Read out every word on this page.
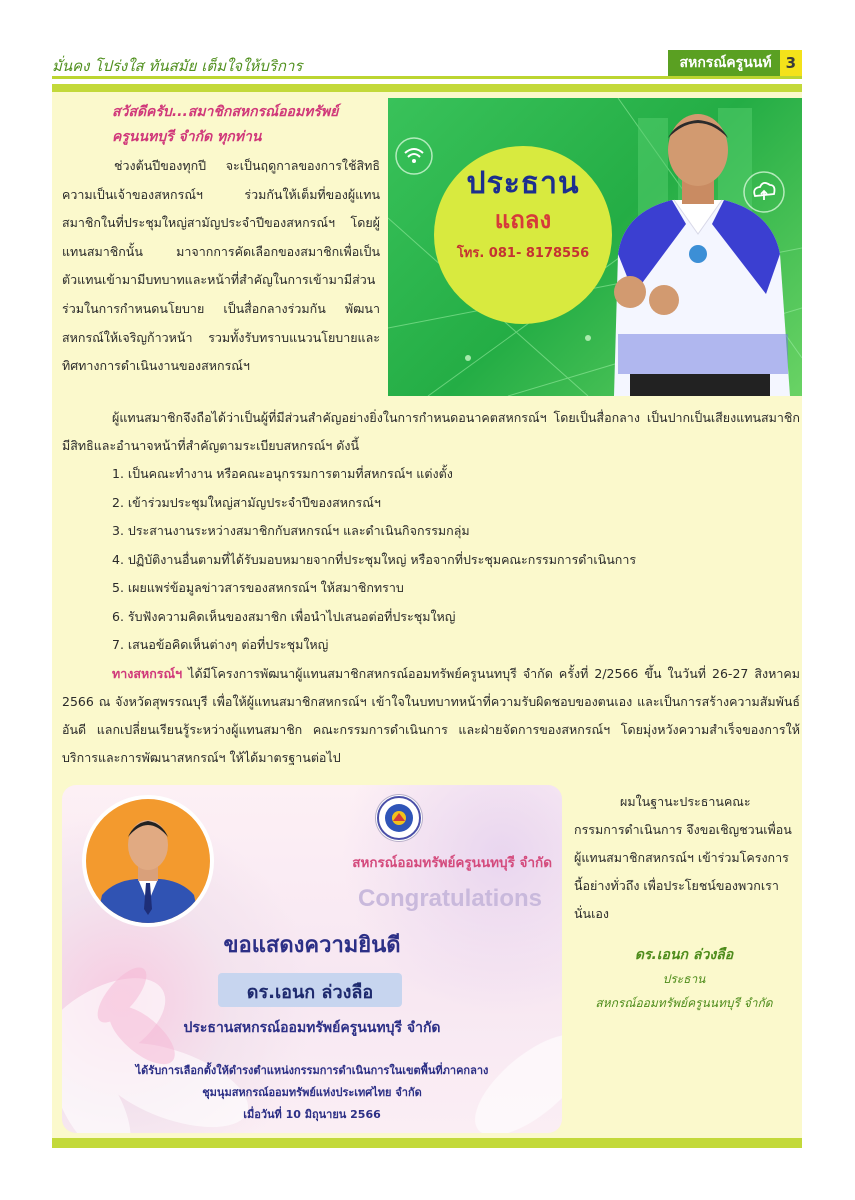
มั่นคง โปร่งใส ทันสมัย เต็มใจให้บริการ	สหกรณ์ครูนนท์ 3
สวัสดีครับ...สมาชิกสหกรณ์ออมทรัพย์
ครูนนทบุรี จำกัด ทุกท่าน
ช่วงต้นปีของทุกปี จะเป็นฤดูกาลของการใช้สิทธิความเป็นเจ้าของสหกรณ์ฯ ร่วมกันให้เต็มที่ของผู้แทนสมาชิกในที่ประชุมใหญ่สามัญประจำปีของสหกรณ์ฯ โดยผู้แทนสมาชิกนั้น มาจากการคัดเลือกของสมาชิกเพื่อเป็นตัวแทนเข้ามามีบทบาทและหน้าที่สำคัญในการเข้ามามีส่วนร่วมในการกำหนดนโยบาย เป็นสื่อกลางร่วมกัน พัฒนาสหกรณ์ให้เจริญก้าวหน้า รวมทั้งรับทราบแนวนโยบายและทิศทางการดำเนินงานของสหกรณ์ฯ
ประธาน
แถลง
โทร. 081- 8178556
ผู้แทนสมาชิกจึงถือได้ว่าเป็นผู้ที่มีส่วนสำคัญอย่างยิ่งในการกำหนดอนาคตสหกรณ์ฯ โดยเป็นสื่อกลาง เป็นปากเป็นเสียงแทนสมาชิก มีสิทธิและอำนาจหน้าที่สำคัญตามระเบียบสหกรณ์ฯ ดังนี้
1. เป็นคณะทำงาน หรือคณะอนุกรรมการตามที่สหกรณ์ฯ แต่งตั้ง
2. เข้าร่วมประชุมใหญ่สามัญประจำปีของสหกรณ์ฯ
3. ประสานงานระหว่างสมาชิกกับสหกรณ์ฯ และดำเนินกิจกรรมกลุ่ม
4. ปฏิบัติงานอื่นตามที่ได้รับมอบหมายจากที่ประชุมใหญ่ หรือจากที่ประชุมคณะกรรมการดำเนินการ
5. เผยแพร่ข้อมูลข่าวสารของสหกรณ์ฯ ให้สมาชิกทราบ
6. รับฟังความคิดเห็นของสมาชิก เพื่อนำไปเสนอต่อที่ประชุมใหญ่
7. เสนอข้อคิดเห็นต่างๆ ต่อที่ประชุมใหญ่
ทางสหกรณ์ฯ ได้มีโครงการพัฒนาผู้แทนสมาชิกสหกรณ์ออมทรัพย์ครูนนทบุรี จำกัด ครั้งที่ 2/2566 ขึ้น ในวันที่ 26-27 สิงหาคม 2566 ณ จังหวัดสุพรรณบุรี เพื่อให้ผู้แทนสมาชิกสหกรณ์ฯ เข้าใจในบทบาทหน้าที่ความรับผิดชอบของตนเอง และเป็นการสร้างความสัมพันธ์อันดี แลกเปลี่ยนเรียนรู้ระหว่างผู้แทนสมาชิก คณะกรรมการดำเนินการ และฝ่ายจัดการของสหกรณ์ฯ โดยมุ่งหวังความสำเร็จของการให้บริการและการพัฒนาสหกรณ์ฯ ให้ได้มาตรฐานต่อไป
สหกรณ์ออมทรัพย์ครูนนทบุรี จำกัด
Congratulations
ขอแสดงความยินดี
ดร.เอนก ล่วงลือ
ประธานสหกรณ์ออมทรัพย์ครูนนทบุรี จำกัด
ได้รับการเลือกตั้งให้ดำรงตำแหน่งกรรมการดำเนินการในเขตพื้นที่ภาคกลาง
ชุมนุมสหกรณ์ออมทรัพย์แห่งประเทศไทย จำกัด
เมื่อวันที่ 10 มิถุนายน 2566
ผมในฐานะประธานคณะกรรมการดำเนินการ จึงขอเชิญชวนเพื่อนผู้แทนสมาชิกสหกรณ์ฯ เข้าร่วมโครงการนี้อย่างทั่วถึง เพื่อประโยชน์ของพวกเรานั่นเอง
ดร.เอนก ล่วงลือ
ประธาน
สหกรณ์ออมทรัพย์ครูนนทบุรี จำกัด
